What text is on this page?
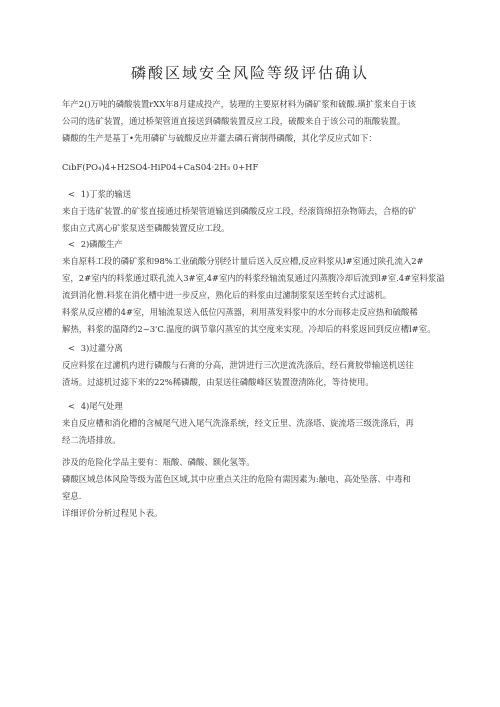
磷酸区域安全风险等级评估确认
年产2()万吨的磷酸装置rXX年8月建成投产，装理的主要原材料为磷矿浆和硫酸.璜扩浆来自于该
公司的选矿装置，通过桥架管道直接送到磷酸装置反应工段，破酸来自于该公司的瓶酸装置。
磷酸的生产是基丁•先用磷矿与硫酸反应并灌去磷石膏制得磷酸，其化学反应式如下：
CıbF(PO₄)4+H2SO4-HiP04+CaS04·2H₃ 0+HF
< 1)丁浆的输送
来自于选矿装置.的矿浆直接通过桥架管道输送到磷酸反应工段，经滚筒绵招杂物筛去，合格的矿
浆由立式离心矿浆泵送至磷酸装置反应工段。
< 2)磷酸生产
来自原料工段的磷矿浆和98%工业硫酸分别经计量后送入反应槽,反应料浆从l#室通过陕孔流入2#
室，2#室内的料浆通过联孔流入3#室,4#室内的料浆经轴流泵通过闪蒸腹冷却后流到l#室.4#室料浆溢
流到消化僧.料浆在消化槽中进一步反应，熟化后的料浆由过濾制浆泵送至转台式过滤机。
料浆从反应槽的4#室，用轴流泵送入低位闪蒸器，利用蒸发料浆中的水分而移走反应热和硫酸稀
解热，料浆的温降约2~3'C.温度的调节靠闪蒸室的其空度来实现。冷却后的料浆返回到反应槽l#室。
< 3)过灌分离
反应料浆在过濾机内进行磷酸与石膏的分高，泄饼进行三次逆流洗涤后，经石膏胶带输送机送往
渣场。过滤机过滤下来的22%稀磷酸，由泵送往磷酸峰区装置澄清陈化，等待使用。
< 4)尾气处理
来自反应槽和消化槽的含械尾气进入尾气洗涤系统，经文丘里、洗涤塔、旋流塔三级洗涤后，再
经二洗塔排放。
涉及的危险化学品主要有：瓶酸、磷酸、额化氢等。
磷酸区域总体风险等级为蓝色区域,其中应重点关注的危险有需因素为:触电、高处坠落、中毒和
窒息.
详细评价分析过程见卜表。
